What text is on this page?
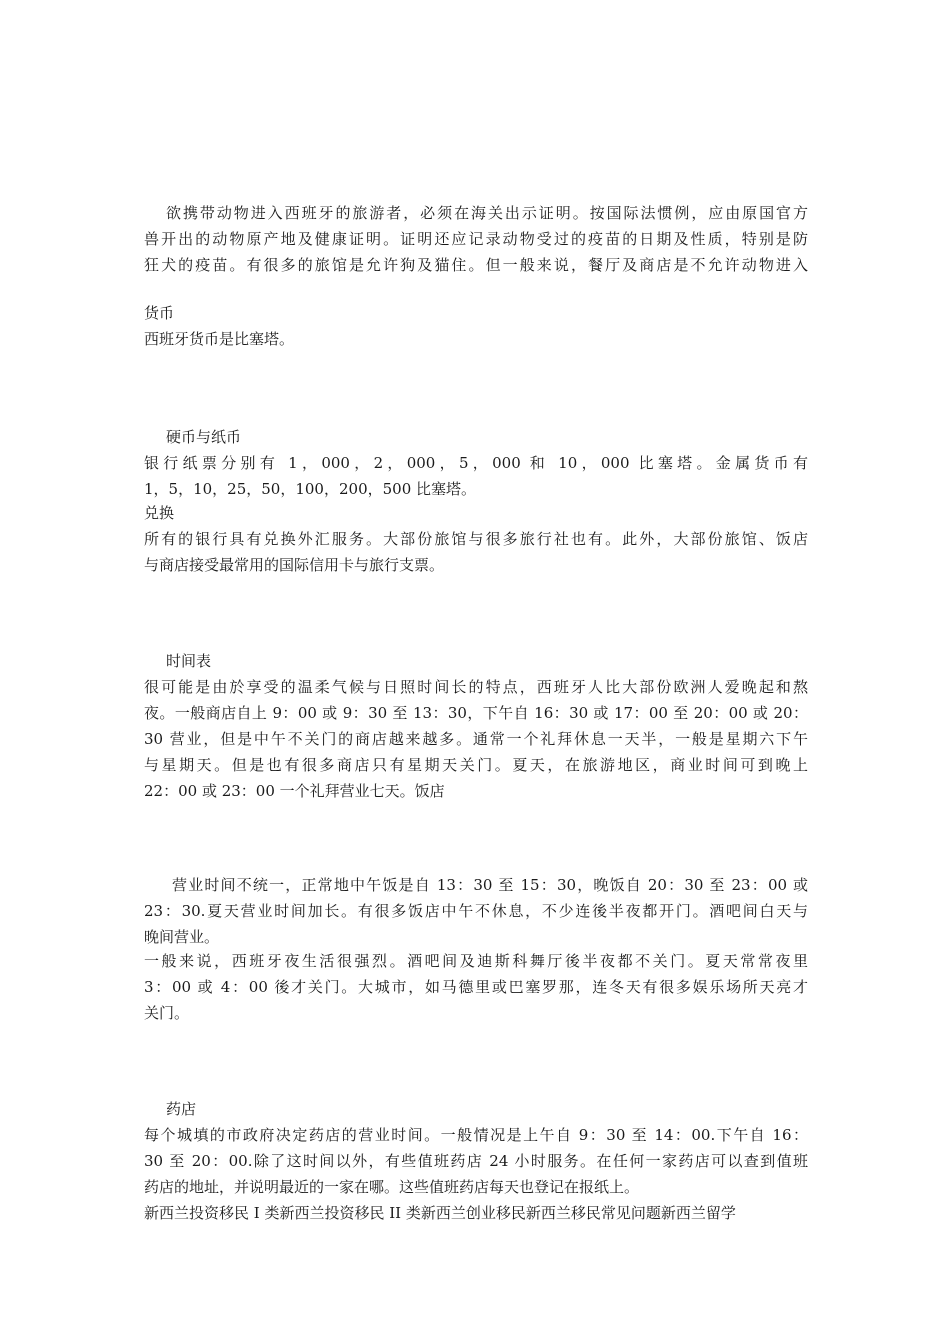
欲携带动物进入西班牙的旅游者，必须在海关出示证明。按国际法惯例，应由原国官方
兽开出的动物原产地及健康证明。证明还应记录动物受过的疫苗的日期及性质，特别是防
狂犬的疫苗。有很多的旅馆是允许狗及猫住。但一般来说，餐厅及商店是不允许动物进入
货币
西班牙货币是比塞塔。
硬币与纸币
银行纸票分别有 1，000，2，000，5，000 和 10，000 比塞塔。金属货币有
1，5，10，25，50，100，200，500 比塞塔。
兑换
所有的银行具有兑换外汇服务。大部份旅馆与很多旅行社也有。此外，大部份旅馆、饭店
与商店接受最常用的国际信用卡与旅行支票。
时间表
很可能是由於享受的温柔气候与日照时间长的特点，西班牙人比大部份欧洲人爱晚起和熬
夜。一般商店自上 9：00 或 9：30 至 13：30，下午自 16：30 或 17：00 至 20：00 或 20：
30 营业，但是中午不关门的商店越来越多。通常一个礼拜休息一天半，一般是星期六下午
与星期天。但是也有很多商店只有星期天关门。夏天，在旅游地区，商业时间可到晚上
22：00 或 23：00 一个礼拜营业七天。饭店
营业时间不统一，正常地中午饭是自 13：30 至 15：30，晚饭自 20：30 至 23：00 或
23：30.夏天营业时间加长。有很多饭店中午不休息，不少连後半夜都开门。酒吧间白天与
晚间营业。
一般来说，西班牙夜生活很强烈。酒吧间及迪斯科舞厅後半夜都不关门。夏天常常夜里
3：00 或 4：00 後才关门。大城市，如马德里或巴塞罗那，连冬天有很多娱乐场所天亮才
关门。
药店
每个城填的市政府决定药店的营业时间。一般情况是上午自 9：30 至 14：00.下午自 16：
30 至 20：00.除了这时间以外，有些值班药店 24 小时服务。在任何一家药店可以查到值班
药店的地址，并说明最近的一家在哪。这些值班药店每天也登记在报纸上。
新西兰投资移民 I 类新西兰投资移民 II 类新西兰创业移民新西兰移民常见问题新西兰留学
